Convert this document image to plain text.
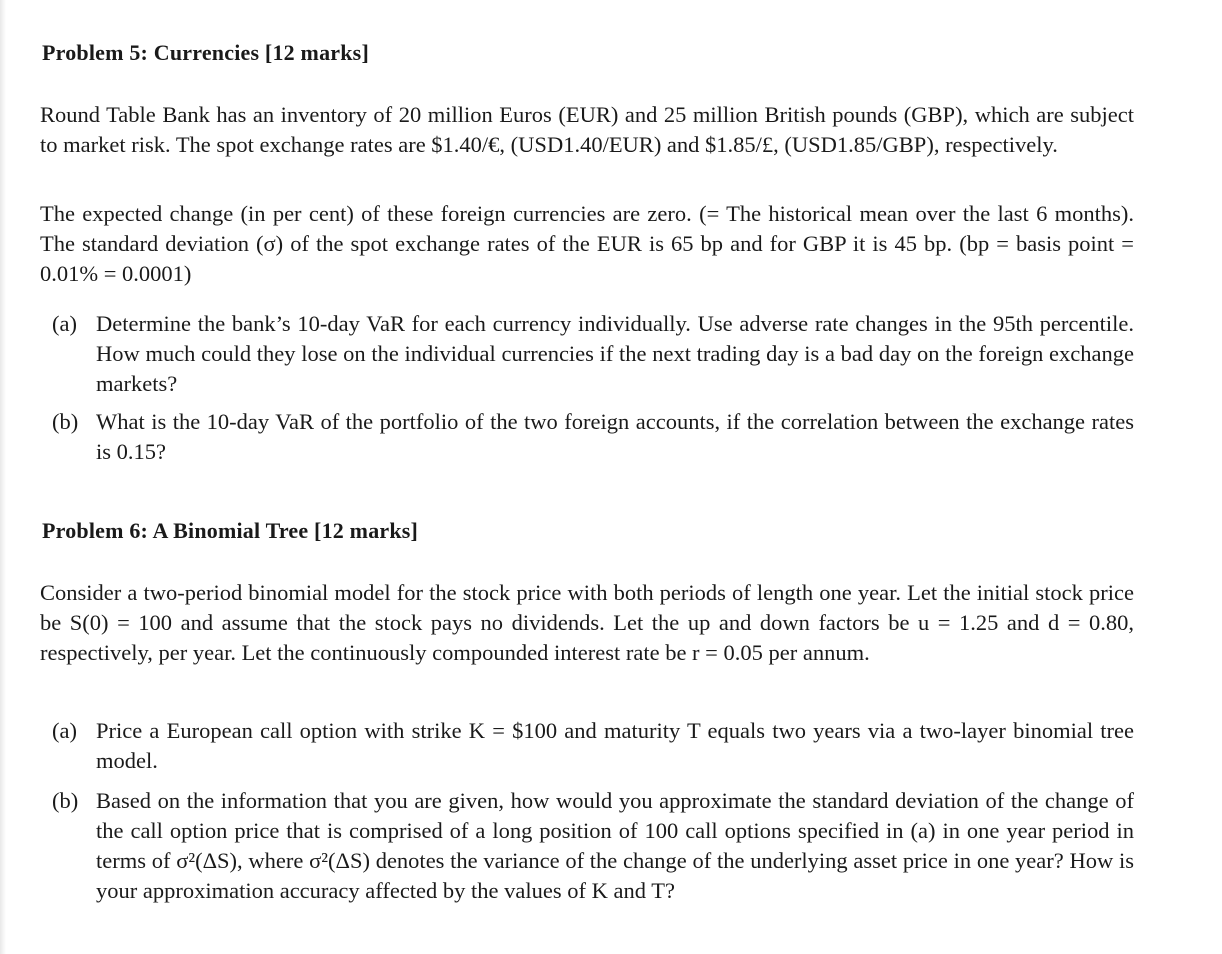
Problem 5: Currencies [12 marks]
Round Table Bank has an inventory of 20 million Euros (EUR) and 25 million British pounds (GBP), which are subject to market risk. The spot exchange rates are $1.40/€, (USD1.40/EUR) and $1.85/£, (USD1.85/GBP), respectively.
The expected change (in per cent) of these foreign currencies are zero. (= The historical mean over the last 6 months). The standard deviation (σ) of the spot exchange rates of the EUR is 65 bp and for GBP it is 45 bp. (bp = basis point = 0.01% = 0.0001)
(a) Determine the bank’s 10-day VaR for each currency individually. Use adverse rate changes in the 95th percentile. How much could they lose on the individual currencies if the next trading day is a bad day on the foreign exchange markets?
(b) What is the 10-day VaR of the portfolio of the two foreign accounts, if the correlation between the exchange rates is 0.15?
Problem 6: A Binomial Tree [12 marks]
Consider a two-period binomial model for the stock price with both periods of length one year. Let the initial stock price be S(0) = 100 and assume that the stock pays no dividends. Let the up and down factors be u = 1.25 and d = 0.80, respectively, per year. Let the continuously compounded interest rate be r = 0.05 per annum.
(a) Price a European call option with strike K = $100 and maturity T equals two years via a two-layer binomial tree model.
(b) Based on the information that you are given, how would you approximate the standard deviation of the change of the call option price that is comprised of a long position of 100 call options specified in (a) in one year period in terms of σ²(ΔS), where σ²(ΔS) denotes the variance of the change of the underlying asset price in one year? How is your approximation accuracy affected by the values of K and T?
